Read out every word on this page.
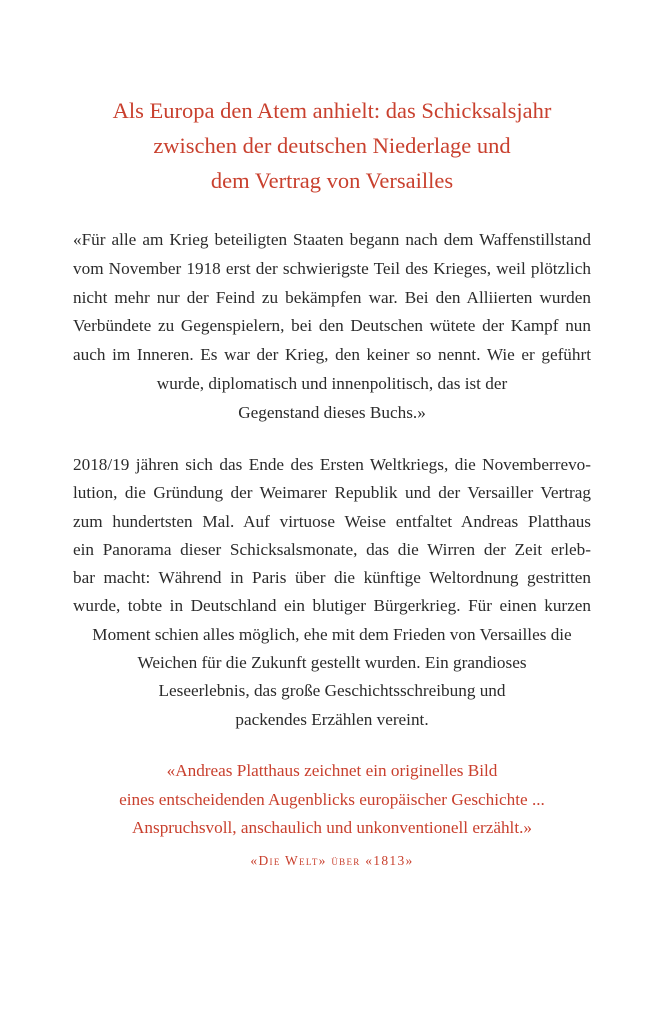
Als Europa den Atem anhielt: das Schicksalsjahr
zwischen der deutschen Niederlage und
dem Vertrag von Versailles
«Für alle am Krieg beteiligten Staaten begann nach dem Waffenstillstand
vom November 1918 erst der schwierigste Teil des Krieges, weil plötzlich
nicht mehr nur der Feind zu bekämpfen war. Bei den Alliierten wurden
Verbündete zu Gegenspielern, bei den Deutschen wütete der Kampf nun
auch im Inneren. Es war der Krieg, den keiner so nennt. Wie er geführt
wurde, diplomatisch und innenpolitisch, das ist der
Gegenstand dieses Buchs.»
2018/19 jähren sich das Ende des Ersten Weltkriegs, die Novemberrevo-
lution, die Gründung der Weimarer Republik und der Versailler Vertrag
zum hundertsten Mal. Auf virtuose Weise entfaltet Andreas Platthaus
ein Panorama dieser Schicksalsmonate, das die Wirren der Zeit erleb-
bar macht: Während in Paris über die künftige Weltordnung gestritten
wurde, tobte in Deutschland ein blutiger Bürgerkrieg. Für einen kurzen
Moment schien alles möglich, ehe mit dem Frieden von Versailles die
Weichen für die Zukunft gestellt wurden. Ein grandioses
Leseerlebnis, das große Geschichtsschreibung und
packendes Erzählen vereint.
«Andreas Platthaus zeichnet ein originelles Bild
eines entscheidenden Augenblicks europäischer Geschichte ...
Anspruchsvoll, anschaulich und unkonventionell erzählt.»
«Die Welt» über «1813»
